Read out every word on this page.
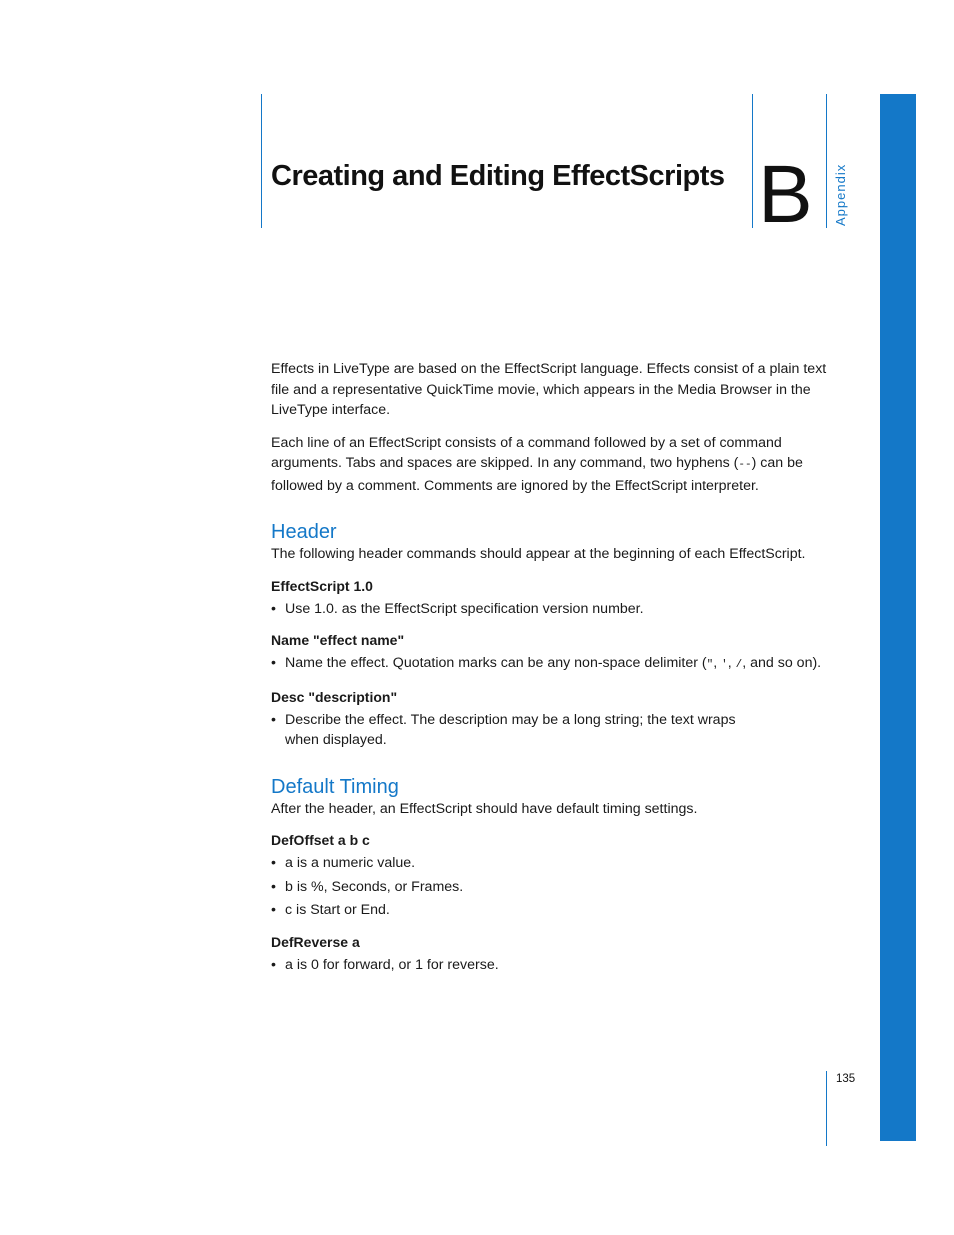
Creating and Editing EffectScripts B Appendix

Effects in LiveType are based on the EffectScript language. Effects consist of a plain text file and a representative QuickTime movie, which appears in the Media Browser in the LiveType interface.

Each line of an EffectScript consists of a command followed by a set of command arguments. Tabs and spaces are skipped. In any command, two hyphens (--) can be followed by a comment. Comments are ignored by the EffectScript interpreter.

Header

The following header commands should appear at the beginning of each EffectScript.

EffectScript 1.0

• Use 1.0. as the EffectScript specification version number.

Name "effect name"

• Name the effect. Quotation marks can be any non-space delimiter (", ', /, and so on).

Desc "description"

• Describe the effect. The description may be a long string; the text wraps
when displayed.
Default Timing

After the header, an EffectScript should have default timing settings.

DefOffset a b c

• a is a numeric value.
• b is %, Seconds, or Frames.
• c is Start or End.

DefReverse a

• a is 0 for forward, or 1 for reverse.
135
